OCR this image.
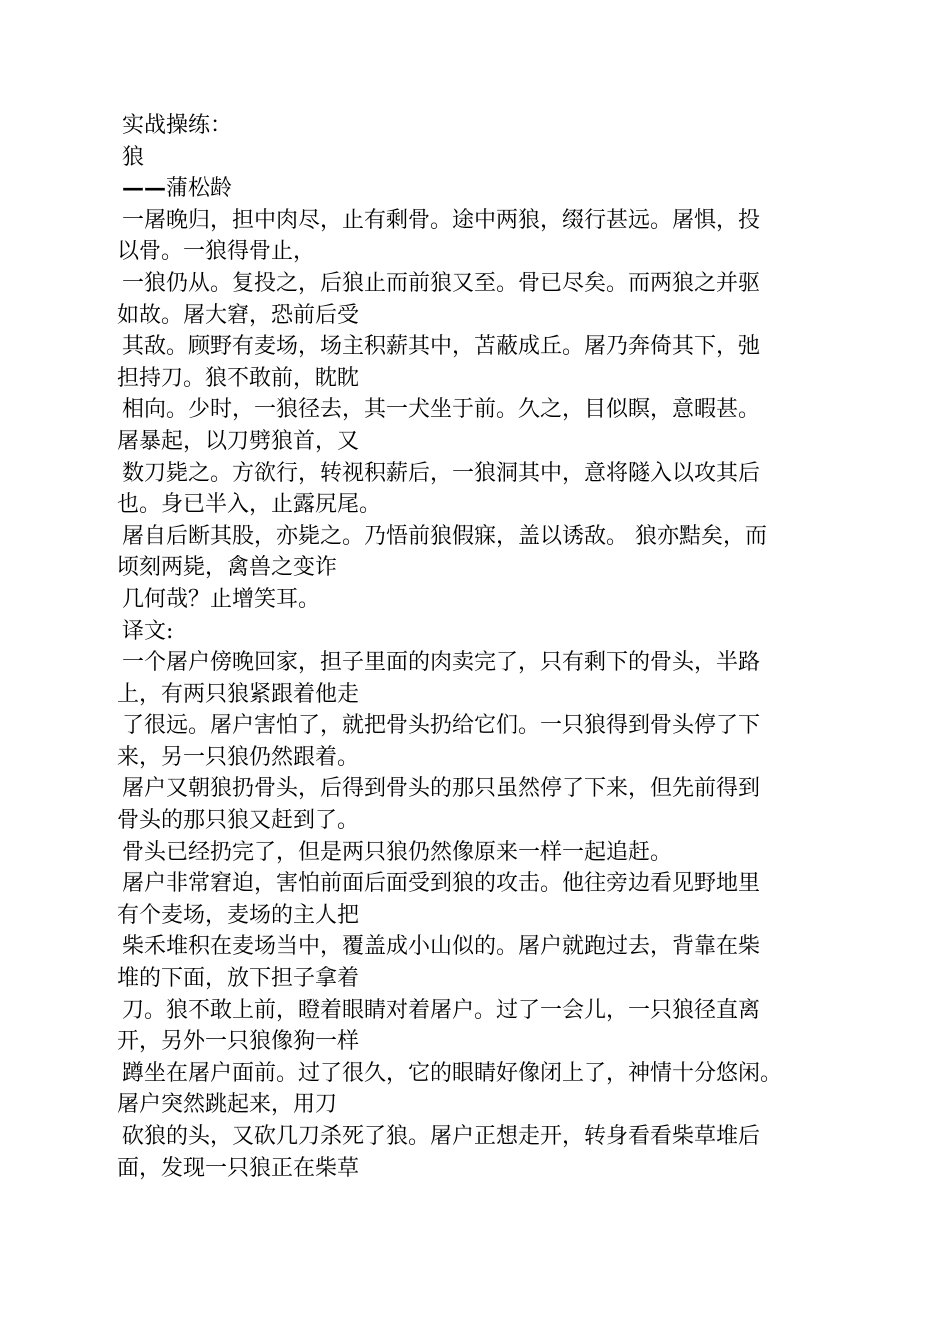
实战操练：
狼
——蒲松龄
一屠晚归，担中肉尽，止有剩骨。途中两狼，缀行甚远。屠惧，投
以骨。一狼得骨止，
一狼仍从。复投之，后狼止而前狼又至。骨已尽矣。而两狼之并驱
如故。屠大窘，恐前后受
其敌。顾野有麦场，场主积薪其中，苫蔽成丘。屠乃奔倚其下，弛
担持刀。狼不敢前，眈眈
相向。少时，一狼径去，其一犬坐于前。久之，目似瞑，意暇甚。
屠暴起，以刀劈狼首，又
数刀毙之。方欲行，转视积薪后，一狼洞其中，意将隧入以攻其后
也。身已半入，止露尻尾。
屠自后断其股，亦毙之。乃悟前狼假寐，盖以诱敌。 狼亦黠矣，而
顷刻两毙，禽兽之变诈
几何哉？止增笑耳。
译文:
一个屠户傍晚回家，担子里面的肉卖完了，只有剩下的骨头，半路
上，有两只狼紧跟着他走
了很远。屠户害怕了，就把骨头扔给它们。一只狼得到骨头停了下
来，另一只狼仍然跟着。
屠户又朝狼扔骨头，后得到骨头的那只虽然停了下来，但先前得到
骨头的那只狼又赶到了。
骨头已经扔完了，但是两只狼仍然像原来一样一起追赶。
屠户非常窘迫，害怕前面后面受到狼的攻击。他往旁边看见野地里
有个麦场，麦场的主人把
柴禾堆积在麦场当中，覆盖成小山似的。屠户就跑过去，背靠在柴
堆的下面，放下担子拿着
刀。狼不敢上前，瞪着眼睛对着屠户。过了一会儿，一只狼径直离
开，另外一只狼像狗一样
蹲坐在屠户面前。过了很久，它的眼睛好像闭上了，神情十分悠闲。
屠户突然跳起来，用刀
砍狼的头，又砍几刀杀死了狼。屠户正想走开，转身看看柴草堆后
面，发现一只狼正在柴草
